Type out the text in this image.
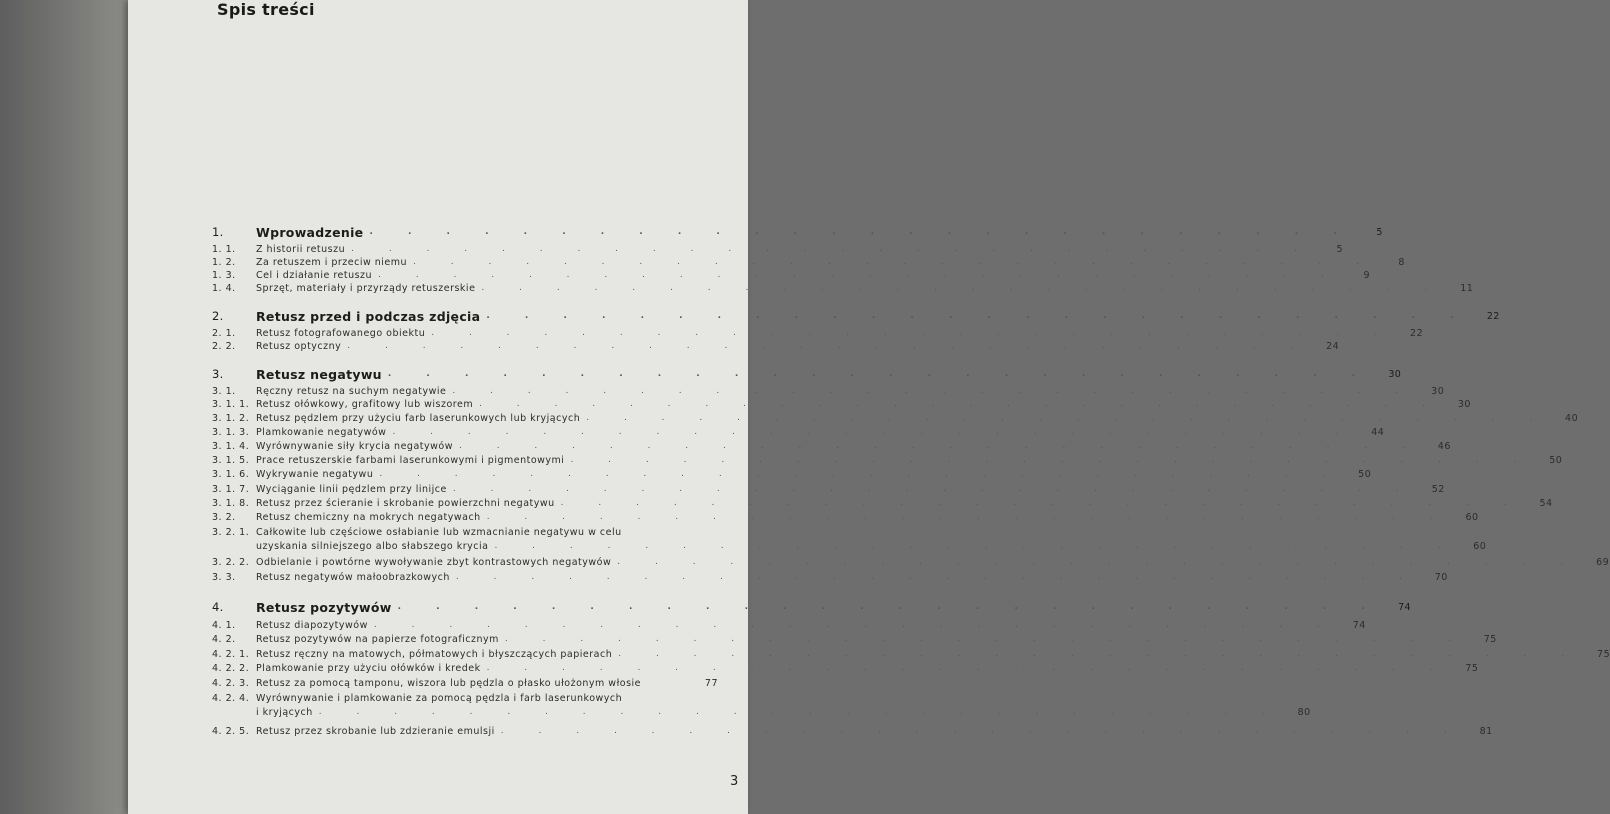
Spis treści
1.	Wprowadzenie . . . . . . . . . . . . . . . . . . . . . . . . . .	5
1. 1.	Z historii retuszu . . . . . . . . . . . . . . . . . . . . . . . . . .	5
1. 2.	Za retuszem i przeciw niemu . . . . . . . . . . . . . . . . . . . . . . . . . .	8
1. 3.	Cel i działanie retuszu . . . . . . . . . . . . . . . . . . . . . . . . . .	9
1. 4.	Sprzęt, materiały i przyrządy retuszerskie . . . . . . . . . . . . . . . . . . . . . . . . . .	11
2.	Retusz przed i podczas zdjęcia . . . . . . . . . . . . . . . . . . . . . . . . . .	22
2. 1.	Retusz fotografowanego obiektu . . . . . . . . . . . . . . . . . . . . . . . . . .	22
2. 2.	Retusz optyczny . . . . . . . . . . . . . . . . . . . . . . . . . .	24
3.	Retusz negatywu . . . . . . . . . . . . . . . . . . . . . . . . . .	30
3. 1.	Ręczny retusz na suchym negatywie . . . . . . . . . . . . . . . . . . . . . . . . . .	30
3. 1. 1. Retusz ołówkowy, grafitowy lub wiszorem . . . . . . . . . . . . . . . . . . . . . . . . . .	30
3. 1. 2. Retusz pędzlem przy użyciu farb laserunkowych lub kryjących . . . . . . . . . . . . . . . . . . . . . . . . . .	40
3. 1. 3. Plamkowanie negatywów . . . . . . . . . . . . . . . . . . . . . . . . . .	44
3. 1. 4. Wyrównywanie siły krycia negatywów . . . . . . . . . . . . . . . . . . . . . . . . . .	46
3. 1. 5. Prace retuszerskie farbami laserunkowymi i pigmentowymi . . . . . . . . . . . . . . . . . . . . . . . . . .	50
3. 1. 6. Wykrywanie negatywu . . . . . . . . . . . . . . . . . . . . . . . . . .	50
3. 1. 7. Wyciąganie linii pędzlem przy linijce . . . . . . . . . . . . . . . . . . . . . . . . . .	52
3. 1. 8. Retusz przez ścieranie i skrobanie powierzchni negatywu . . . . . . . . . . . . . . . . . . . . . . . . . .	54
3. 2.	Retusz chemiczny na mokrych negatywach . . . . . . . . . . . . . . . . . . . . . . . . . .	60
3. 2. 1. Całkowite lub częściowe osłabianie lub wzmacnianie negatywu w celu
uzyskania silniejszego albo słabszego krycia . . . . . . . . . . . . . . . . . . . . . . . . . .	60
3. 2. 2. Odbielanie i powtórne wywoływanie zbyt kontrastowych negatywów . . . . . . . . . . . . . . . . . . . . . . . . . .	69
3. 3.	Retusz negatywów małoobrazkowych . . . . . . . . . . . . . . . . . . . . . . . . . .	70
4.	Retusz pozytywów . . . . . . . . . . . . . . . . . . . . . . . . . .	74
4. 1.	Retusz diapozytywów . . . . . . . . . . . . . . . . . . . . . . . . . .	74
4. 2.	Retusz pozytywów na papierze fotograficznym . . . . . . . . . . . . . . . . . . . . . . . . . .	75
4. 2. 1. Retusz ręczny na matowych, półmatowych i błyszczących papierach . . . . . . . . . . . . . . . . . . . . . . . . . .	75
4. 2. 2. Plamkowanie przy użyciu ołówków i kredek . . . . . . . . . . . . . . . . . . . . . . . . . .	75
4. 2. 3. Retusz za pomocą tamponu, wiszora lub pędzla o płasko ułożonym włosie	77
4. 2. 4. Wyrównywanie i plamkowanie za pomocą pędzla i farb laserunkowych
i kryjących . . . . . . . . . . . . . . . . . . . . . . . . . .	80
4. 2. 5. Retusz przez skrobanie lub zdzieranie emulsji . . . . . . . . . . . . . . . . . . . . . . . . . .	81
3
